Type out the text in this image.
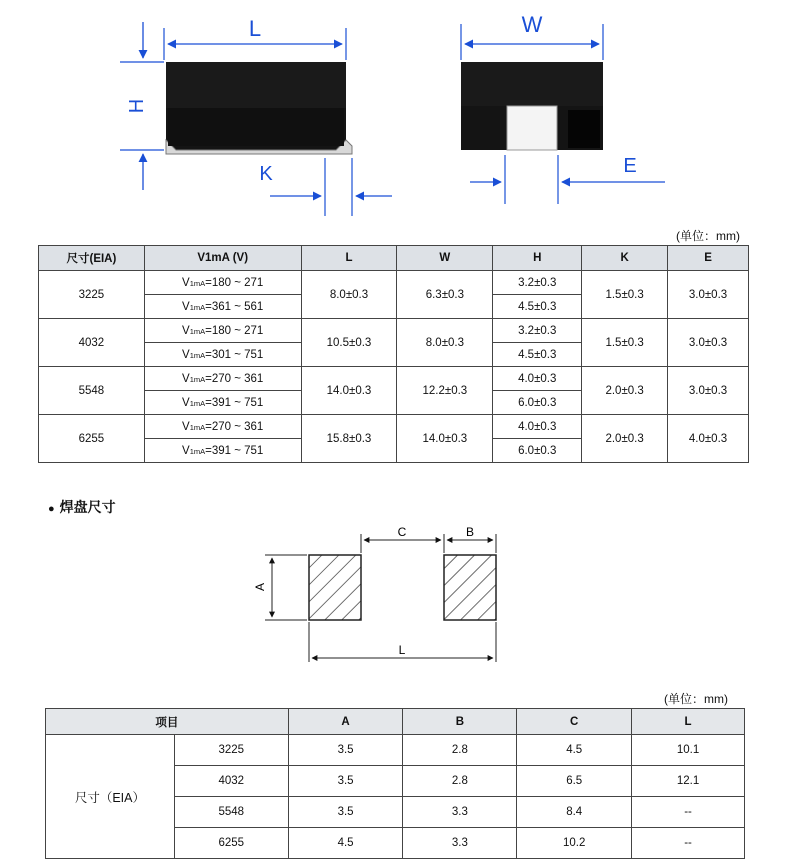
L
H
K
W
E
(单位：mm)
尺寸(EIA)	V1mA (V)	L	W	H	K	E
3225	V1mA=180 ~ 271	8.0±0.3	6.3±0.3	3.2±0.3	1.5±0.3	3.0±0.3
	V1mA=361 ~ 561			4.5±0.3		
4032	V1mA=180 ~ 271	10.5±0.3	8.0±0.3	3.2±0.3	1.5±0.3	3.0±0.3
	V1mA=301 ~ 751			4.5±0.3		
5548	V1mA=270 ~ 361	14.0±0.3	12.2±0.3	4.0±0.3	2.0±0.3	3.0±0.3
	V1mA=391 ~ 751			6.0±0.3		
6255	V1mA=270 ~ 361	15.8±0.3	14.0±0.3	4.0±0.3	2.0±0.3	4.0±0.3
	V1mA=391 ~ 751			6.0±0.3		
● 焊盘尺寸
A
C	B
L
(单位：mm)
项目		A	B	C	L
尺寸（EIA）	3225	3.5	2.8	4.5	10.1
	4032	3.5	2.8	6.5	12.1
	5548	3.5	3.3	8.4	--
	6255	4.5	3.3	10.2	--
